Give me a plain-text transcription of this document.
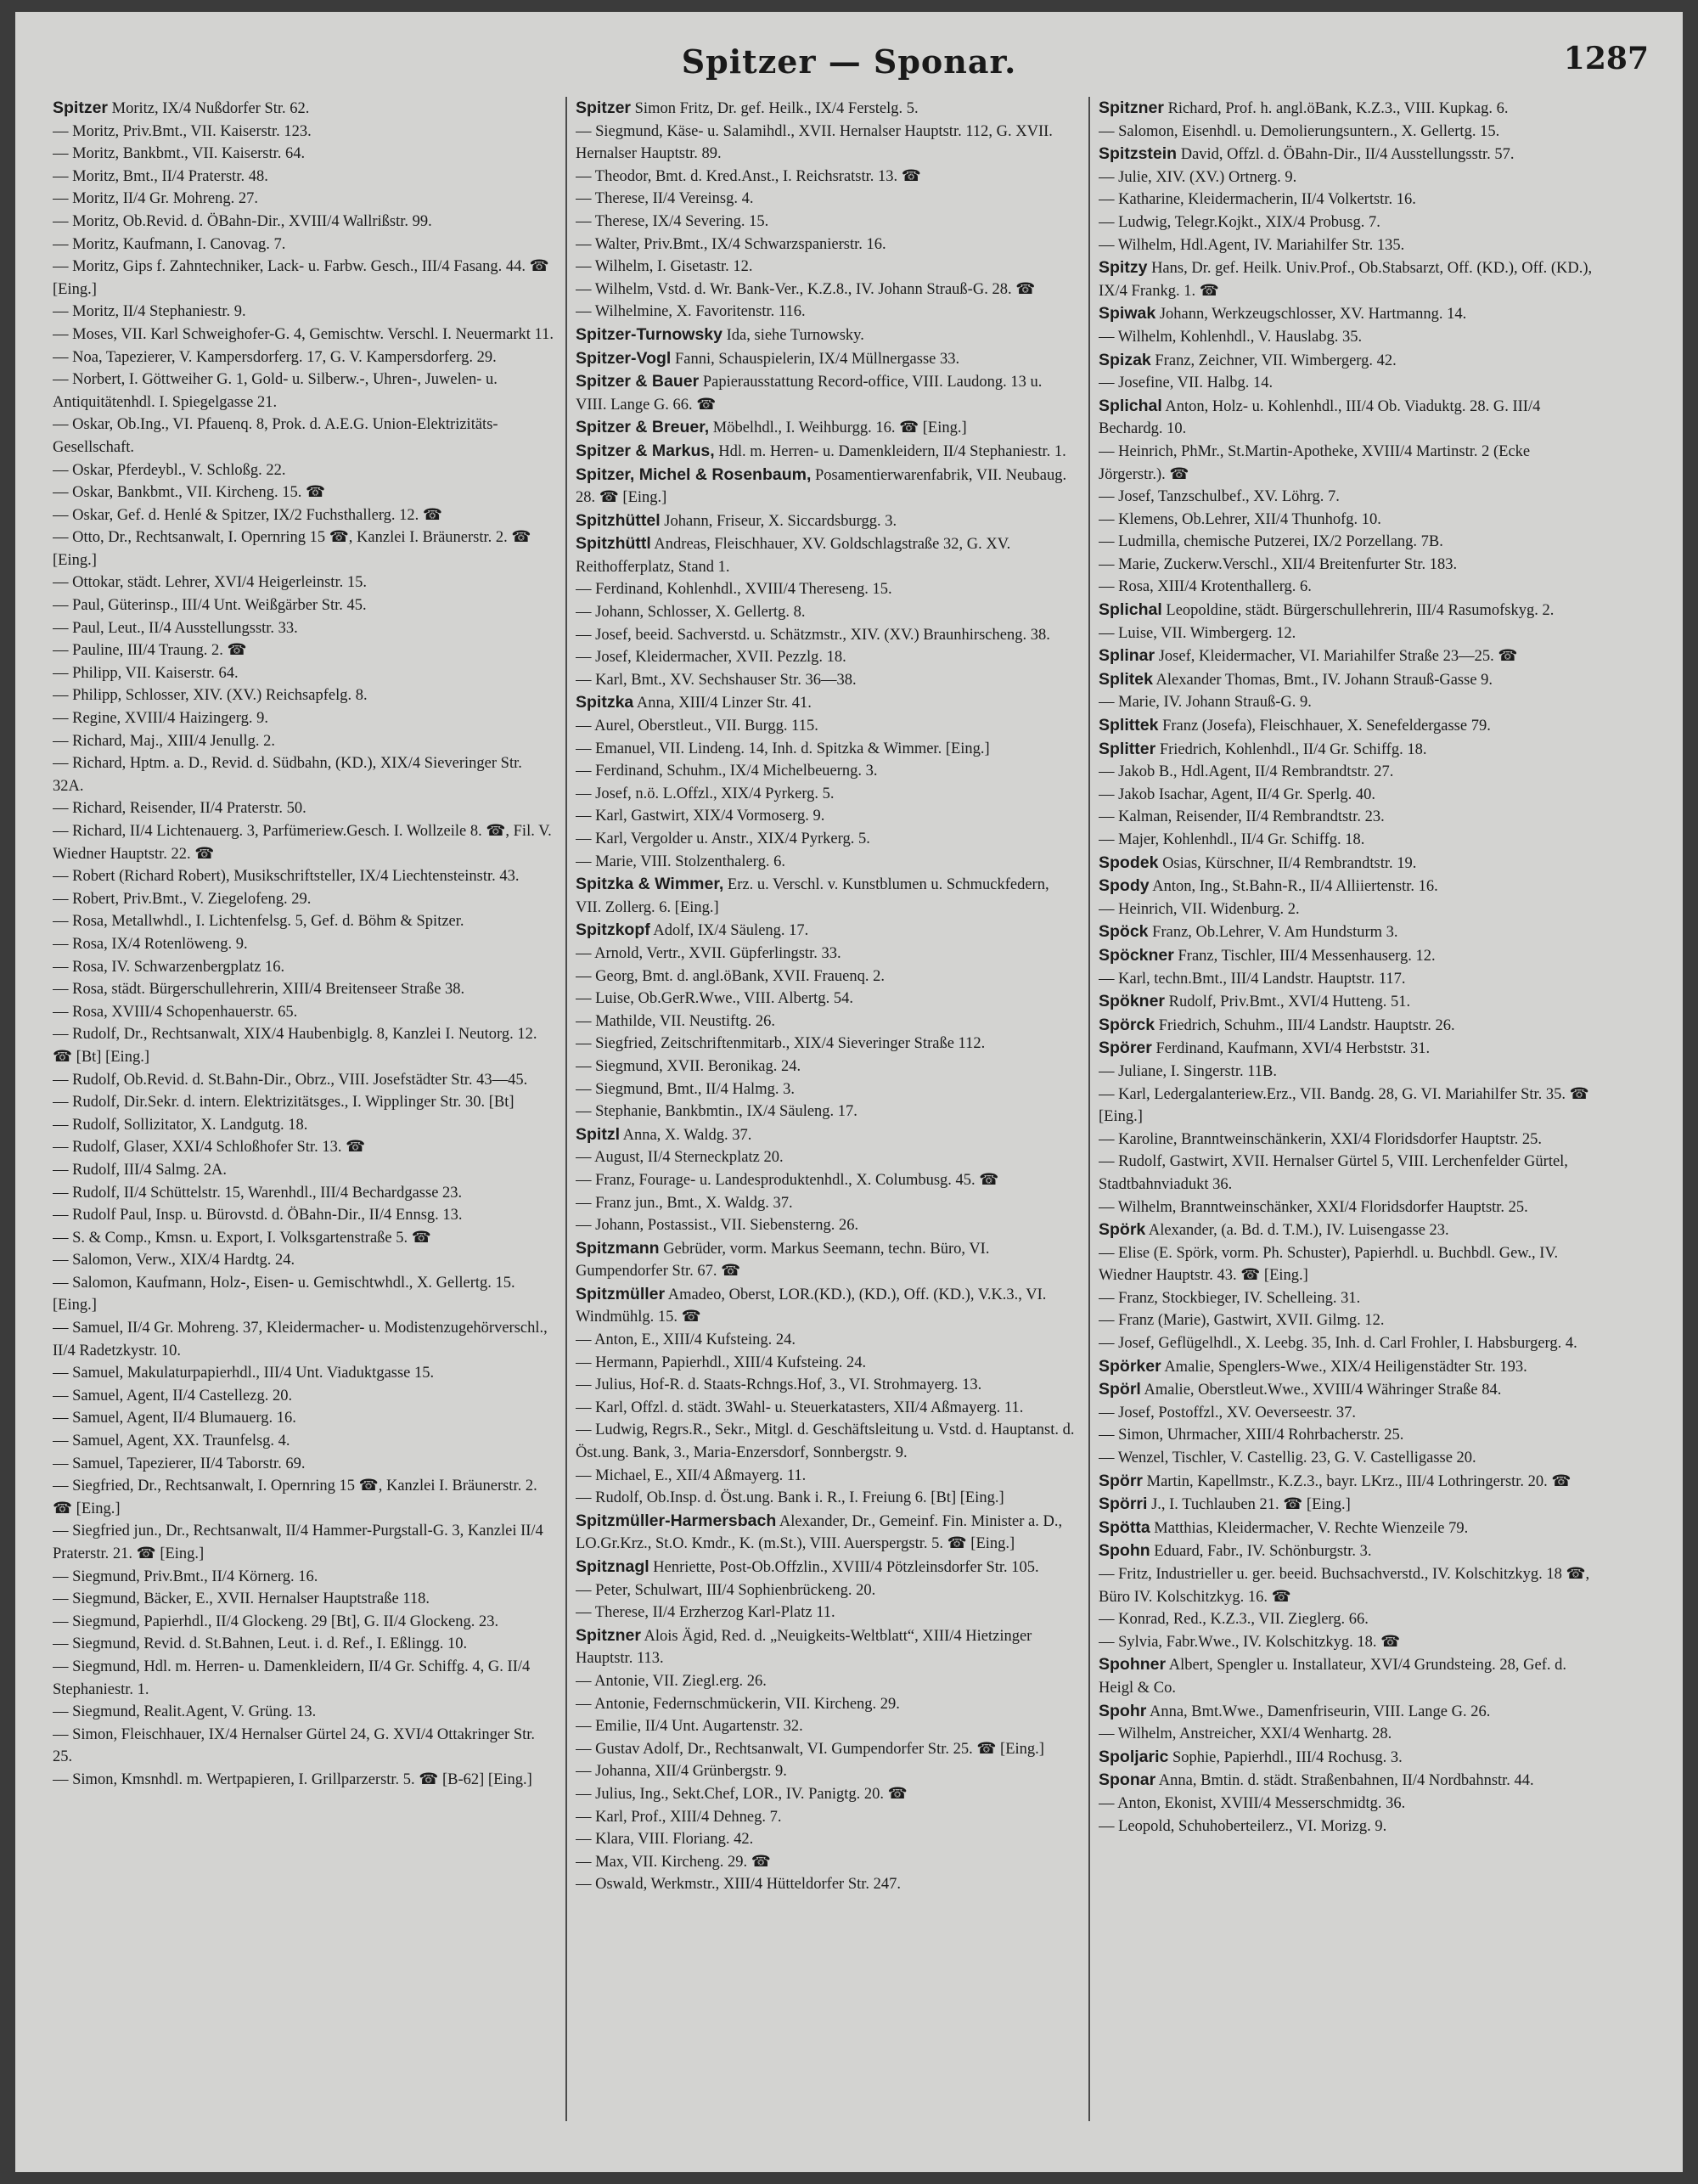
Spitzer — Sponar.	1287

Spitzer Moritz, IX/4 Nußdorfer Str. 62.

— Moritz, Priv.Bmt., VII. Kaiserstr. 123.

— Moritz, Bankbmt., VII. Kaiserstr. 64.

— Moritz, Bmt., II/4 Praterstr. 48.

— Moritz, II/4 Gr. Mohreng. 27.

— Moritz, Ob.Revid. d. ÖBahn-Dir., XVIII/4 Wallrißstr. 99.

— Moritz, Kaufmann, I. Canovag. 7.

— Moritz, Gips f. Zahntechniker, Lack- u. Farbw. Gesch., III/4 Fasang. 44. ☎ [Eing.]

— Moritz, II/4 Stephaniestr. 9.

— Moses, VII. Karl Schweighofer-G. 4, Gemischtw. Verschl. I. Neuermarkt 11.

— Noa, Tapezierer, V. Kampersdorferg. 17, G. V. Kampersdorferg. 29.

— Norbert, I. Göttweiher G. 1, Gold- u. Silberw.-, Uhren-, Juwelen- u. Antiquitätenhdl. I. Spiegelgasse 21.

— Oskar, Ob.Ing., VI. Pfauenq. 8, Prok. d. A.E.G. Union-Elektrizitäts-Gesellschaft.

— Oskar, Pferdeybl., V. Schloßg. 22.

— Oskar, Bankbmt., VII. Kircheng. 15. ☎

— Oskar, Gef. d. Henlé & Spitzer, IX/2 Fuchsthallerg. 12. ☎

— Otto, Dr., Rechtsanwalt, I. Opernring 15 ☎, Kanzlei I. Bräunerstr. 2. ☎ [Eing.]

— Ottokar, städt. Lehrer, XVI/4 Heigerleinstr. 15.

— Paul, Güterinsp., III/4 Unt. Weißgärber Str. 45.

— Paul, Leut., II/4 Ausstellungsstr. 33.

— Pauline, III/4 Traung. 2. ☎

— Philipp, VII. Kaiserstr. 64.

— Philipp, Schlosser, XIV. (XV.) Reichsapfelg. 8.

— Regine, XVIII/4 Haizingerg. 9.

— Richard, Maj., XIII/4 Jenullg. 2.

— Richard, Hptm. a. D., Revid. d. Südbahn, (KD.), XIX/4 Sieveringer Str. 32A.

— Richard, Reisender, II/4 Praterstr. 50.

— Richard, II/4 Lichtenauerg. 3, Parfümeriew.Gesch. I. Wollzeile 8. ☎, Fil. V. Wiedner Hauptstr. 22. ☎

— Robert (Richard Robert), Musikschriftsteller, IX/4 Liechtensteinstr. 43.

— Robert, Priv.Bmt., V. Ziegelofeng. 29.

— Rosa, Metallwhdl., I. Lichtenfelsg. 5, Gef. d. Böhm & Spitzer.

— Rosa, IX/4 Rotenlöweng. 9.

— Rosa, IV. Schwarzenbergplatz 16.

— Rosa, städt. Bürgerschullehrerin, XIII/4 Breitenseer Straße 38.

— Rosa, XVIII/4 Schopenhauerstr. 65.

— Rudolf, Dr., Rechtsanwalt, XIX/4 Haubenbiglg. 8, Kanzlei I. Neutorg. 12. ☎ [Bt] [Eing.]

— Rudolf, Ob.Revid. d. St.Bahn-Dir., Obrz., VIII. Josefstädter Str. 43—45.

— Rudolf, Dir.Sekr. d. intern. Elektrizitätsges., I. Wipplinger Str. 30. [Bt]

— Rudolf, Sollizitator, X. Landgutg. 18.

— Rudolf, Glaser, XXI/4 Schloßhofer Str. 13. ☎

— Rudolf, III/4 Salmg. 2A.

— Rudolf, II/4 Schüttelstr. 15, Warenhdl., III/4 Bechardgasse 23.

— Rudolf Paul, Insp. u. Bürovstd. d. ÖBahn-Dir., II/4 Ennsg. 13.

— S. & Comp., Kmsn. u. Export, I. Volksgartenstraße 5. ☎

— Salomon, Verw., XIX/4 Hardtg. 24.

— Salomon, Kaufmann, Holz-, Eisen- u. Gemischtwhdl., X. Gellertg. 15. [Eing.]

— Samuel, II/4 Gr. Mohreng. 37, Kleidermacher- u. Modistenzugehörverschl., II/4 Radetzkystr. 10.

— Samuel, Makulaturpapierhdl., III/4 Unt. Viaduktgasse 15.

— Samuel, Agent, II/4 Castellezg. 20.

— Samuel, Agent, II/4 Blumauerg. 16.

— Samuel, Agent, XX. Traunfelsg. 4.

— Samuel, Tapezierer, II/4 Taborstr. 69.

— Siegfried, Dr., Rechtsanwalt, I. Opernring 15 ☎, Kanzlei I. Bräunerstr. 2. ☎ [Eing.]

— Siegfried jun., Dr., Rechtsanwalt, II/4 Hammer-Purgstall-G. 3, Kanzlei II/4 Praterstr. 21. ☎ [Eing.]

— Siegmund, Priv.Bmt., II/4 Körnerg. 16.

— Siegmund, Bäcker, E., XVII. Hernalser Hauptstraße 118.

— Siegmund, Papierhdl., II/4 Glockeng. 29 [Bt], G. II/4 Glockeng. 23.

— Siegmund, Revid. d. St.Bahnen, Leut. i. d. Ref., I. Eßlingg. 10.

— Siegmund, Hdl. m. Herren- u. Damenkleidern, II/4 Gr. Schiffg. 4, G. II/4 Stephaniestr. 1.

— Siegmund, Realit.Agent, V. Grüng. 13.

— Simon, Fleischhauer, IX/4 Hernalser Gürtel 24, G. XVI/4 Ottakringer Str. 25.

— Simon, Kmsnhdl. m. Wertpapieren, I. Grillparzerstr. 5. ☎ [B-62] [Eing.]

Spitzer Simon Fritz, Dr. gef. Heilk., IX/4 Ferstelg. 5.

— Siegmund, Käse- u. Salamihdl., XVII. Hernalser Hauptstr. 112, G. XVII. Hernalser Hauptstr. 89.

— Theodor, Bmt. d. Kred.Anst., I. Reichsratstr. 13. ☎

— Therese, II/4 Vereinsg. 4.

— Therese, IX/4 Severing. 15.

— Walter, Priv.Bmt., IX/4 Schwarzspanierstr. 16.

— Wilhelm, I. Gisetastr. 12.

— Wilhelm, Vstd. d. Wr. Bank-Ver., K.Z.8., IV. Johann Strauß-G. 28. ☎

— Wilhelmine, X. Favoritenstr. 116.

Spitzer-Turnowsky Ida, siehe Turnowsky.

Spitzer-Vogl Fanni, Schauspielerin, IX/4 Müllnergasse 33.

Spitzer & Bauer Papierausstattung Record-office, VIII. Laudong. 13 u. VIII. Lange G. 66. ☎

Spitzer & Breuer, Möbelhdl., I. Weihburgg. 16. ☎ [Eing.]

Spitzer & Markus, Hdl. m. Herren- u. Damenkleidern, II/4 Stephaniestr. 1.

Spitzer, Michel & Rosenbaum, Posamentierwarenfabrik, VII. Neubaug. 28. ☎ [Eing.]

Spitzhüttel Johann, Friseur, X. Siccardsburgg. 3.

Spitzhüttl Andreas, Fleischhauer, XV. Goldschlagstraße 32, G. XV. Reithofferplatz, Stand 1.

— Ferdinand, Kohlenhdl., XVIII/4 Thereseng. 15.

— Johann, Schlosser, X. Gellertg. 8.

— Josef, beeid. Sachverstd. u. Schätzmstr., XIV. (XV.) Braunhirscheng. 38.

— Josef, Kleidermacher, XVII. Pezzlg. 18.

— Karl, Bmt., XV. Sechshauser Str. 36—38.

Spitzka Anna, XIII/4 Linzer Str. 41.

— Aurel, Oberstleut., VII. Burgg. 115.

— Emanuel, VII. Lindeng. 14, Inh. d. Spitzka & Wimmer. [Eing.]

— Ferdinand, Schuhm., IX/4 Michelbeuerng. 3.

— Josef, n.ö. L.Offzl., XIX/4 Pyrkerg. 5.

— Karl, Gastwirt, XIX/4 Vormoserg. 9.

— Karl, Vergolder u. Anstr., XIX/4 Pyrkerg. 5.

— Marie, VIII. Stolzenthalerg. 6.

Spitzka & Wimmer, Erz. u. Verschl. v. Kunstblumen u. Schmuckfedern, VII. Zollerg. 6. [Eing.]

Spitzkopf Adolf, IX/4 Säuleng. 17.

— Arnold, Vertr., XVII. Güpferlingstr. 33.

— Georg, Bmt. d. angl.öBank, XVII. Frauenq. 2.

— Luise, Ob.GerR.Wwe., VIII. Albertg. 54.

— Mathilde, VII. Neustiftg. 26.

— Siegfried, Zeitschriftenmitarb., XIX/4 Sieveringer Straße 112.

— Siegmund, XVII. Beronikag. 24.

— Siegmund, Bmt., II/4 Halmg. 3.

— Stephanie, Bankbmtin., IX/4 Säuleng. 17.

Spitzl Anna, X. Waldg. 37.

— August, II/4 Sterneckplatz 20.

— Franz, Fourage- u. Landesproduktenhdl., X. Columbusg. 45. ☎

— Franz jun., Bmt., X. Waldg. 37.

— Johann, Postassist., VII. Siebensterng. 26.

Spitzmann Gebrüder, vorm. Markus Seemann, techn. Büro, VI. Gumpendorfer Str. 67. ☎

Spitzmüller Amadeo, Oberst, LOR.(KD.), (KD.), Off. (KD.), V.K.3., VI. Windmühlg. 15. ☎

— Anton, E., XIII/4 Kufsteing. 24.

— Hermann, Papierhdl., XIII/4 Kufsteing. 24.

— Julius, Hof-R. d. Staats-Rchngs.Hof, 3., VI. Strohmayerg. 13.

— Karl, Offzl. d. städt. 3Wahl- u. Steuerkatasters, XII/4 Aßmayerg. 11.

— Ludwig, Regrs.R., Sekr., Mitgl. d. Geschäftsleitung u. Vstd. d. Hauptanst. d. Öst.ung. Bank, 3., Maria-Enzersdorf, Sonnbergstr. 9.

— Michael, E., XII/4 Aßmayerg. 11.

— Rudolf, Ob.Insp. d. Öst.ung. Bank i. R., I. Freiung 6. [Bt] [Eing.]

Spitzmüller-Harmersbach Alexander, Dr., Gemeinf. Fin. Minister a. D., LO.Gr.Krz., St.O. Kmdr., K. (m.St.), VIII. Auerspergstr. 5. ☎ [Eing.]

Spitznagl Henriette, Post-Ob.Offzlin., XVIII/4 Pötzleinsdorfer Str. 105.

— Peter, Schulwart, III/4 Sophienbrückeng. 20.

— Therese, II/4 Erzherzog Karl-Platz 11.

Spitzner Alois Ägid, Red. d. „Neuigkeits-Weltblatt“, XIII/4 Hietzinger Hauptstr. 113.

— Antonie, VII. Ziegl.erg. 26.

— Antonie, Federnschmückerin, VII. Kircheng. 29.

— Emilie, II/4 Unt. Augartenstr. 32.

— Gustav Adolf, Dr., Rechtsanwalt, VI. Gumpendorfer Str. 25. ☎ [Eing.]

— Johanna, XII/4 Grünbergstr. 9.

— Julius, Ing., Sekt.Chef, LOR., IV. Panigtg. 20. ☎

— Karl, Prof., XIII/4 Dehneg. 7.

— Klara, VIII. Floriang. 42.

— Max, VII. Kircheng. 29. ☎

— Oswald, Werkmstr., XIII/4 Hütteldorfer Str. 247.

Spitzner Richard, Prof. h. angl.öBank, K.Z.3., VIII. Kupkag. 6.

— Salomon, Eisenhdl. u. Demolierungsuntern., X. Gellertg. 15.

Spitzstein David, Offzl. d. ÖBahn-Dir., II/4 Ausstellungsstr. 57.

— Julie, XIV. (XV.) Ortnerg. 9.

— Katharine, Kleidermacherin, II/4 Volkertstr. 16.

— Ludwig, Telegr.Kojkt., XIX/4 Probusg. 7.

— Wilhelm, Hdl.Agent, IV. Mariahilfer Str. 135.

Spitzy Hans, Dr. gef. Heilk. Univ.Prof., Ob.Stabsarzt, Off. (KD.), Off. (KD.), IX/4 Frankg. 1. ☎

Spiwak Johann, Werkzeugschlosser, XV. Hartmanng. 14.

— Wilhelm, Kohlenhdl., V. Hauslabg. 35.

Spizak Franz, Zeichner, VII. Wimbergerg. 42.

— Josefine, VII. Halbg. 14.

Splichal Anton, Holz- u. Kohlenhdl., III/4 Ob. Viaduktg. 28. G. III/4 Bechardg. 10.

— Heinrich, PhMr., St.Martin-Apotheke, XVIII/4 Martinstr. 2 (Ecke Jörgerstr.). ☎

— Josef, Tanzschulbef., XV. Löhrg. 7.

— Klemens, Ob.Lehrer, XII/4 Thunhofg. 10.

— Ludmilla, chemische Putzerei, IX/2 Porzellang. 7B.

— Marie, Zuckerw.Verschl., XII/4 Breitenfurter Str. 183.

— Rosa, XIII/4 Krotenthallerg. 6.

Splichal Leopoldine, städt. Bürgerschullehrerin, III/4 Rasumofskyg. 2.

— Luise, VII. Wimbergerg. 12.

Splinar Josef, Kleidermacher, VI. Mariahilfer Straße 23—25. ☎

Splitek Alexander Thomas, Bmt., IV. Johann Strauß-Gasse 9.

— Marie, IV. Johann Strauß-G. 9.

Splittek Franz (Josefa), Fleischhauer, X. Senefeldergasse 79.

Splitter Friedrich, Kohlenhdl., II/4 Gr. Schiffg. 18.

— Jakob B., Hdl.Agent, II/4 Rembrandtstr. 27.

— Jakob Isachar, Agent, II/4 Gr. Sperlg. 40.

— Kalman, Reisender, II/4 Rembrandtstr. 23.

— Majer, Kohlenhdl., II/4 Gr. Schiffg. 18.

Spodek Osias, Kürschner, II/4 Rembrandtstr. 19.

Spody Anton, Ing., St.Bahn-R., II/4 Alliiertenstr. 16.

— Heinrich, VII. Widenburg. 2.

Spöck Franz, Ob.Lehrer, V. Am Hundsturm 3.

Spöckner Franz, Tischler, III/4 Messenhauserg. 12.

— Karl, techn.Bmt., III/4 Landstr. Hauptstr. 117.

Spökner Rudolf, Priv.Bmt., XVI/4 Hutteng. 51.

Spörck Friedrich, Schuhm., III/4 Landstr. Hauptstr. 26.

Spörer Ferdinand, Kaufmann, XVI/4 Herbststr. 31.

— Juliane, I. Singerstr. 11B.

— Karl, Ledergalanteriew.Erz., VII. Bandg. 28, G. VI. Mariahilfer Str. 35. ☎ [Eing.]

— Karoline, Branntweinschänkerin, XXI/4 Floridsdorfer Hauptstr. 25.

— Rudolf, Gastwirt, XVII. Hernalser Gürtel 5, VIII. Lerchenfelder Gürtel, Stadtbahnviadukt 36.

— Wilhelm, Branntweinschänker, XXI/4 Floridsdorfer Hauptstr. 25.

Spörk Alexander, (a. Bd. d. T.M.), IV. Luisengasse 23.

— Elise (E. Spörk, vorm. Ph. Schuster), Papierhdl. u. Buchbdl. Gew., IV. Wiedner Hauptstr. 43. ☎ [Eing.]

— Franz, Stockbieger, IV. Schelleing. 31.

— Franz (Marie), Gastwirt, XVII. Gilmg. 12.

— Josef, Geflügelhdl., X. Leebg. 35, Inh. d. Carl Frohler, I. Habsburgerg. 4.

Spörker Amalie, Spenglers-Wwe., XIX/4 Heiligenstädter Str. 193.

Spörl Amalie, Oberstleut.Wwe., XVIII/4 Währinger Straße 84.

— Josef, Postoffzl., XV. Oeverseestr. 37.

— Simon, Uhrmacher, XIII/4 Rohrbacherstr. 25.

— Wenzel, Tischler, V. Castellig. 23, G. V. Castelligasse 20.

Spörr Martin, Kapellmstr., K.Z.3., bayr. LKrz., III/4 Lothringerstr. 20. ☎

Spörri J., I. Tuchlauben 21. ☎ [Eing.]

Spötta Matthias, Kleidermacher, V. Rechte Wienzeile 79.

Spohn Eduard, Fabr., IV. Schönburgstr. 3.

— Fritz, Industrieller u. ger. beeid. Buchsachverstd., IV. Kolschitzkyg. 18 ☎, Büro IV. Kolschitzkyg. 16. ☎

— Konrad, Red., K.Z.3., VII. Zieglerg. 66.

— Sylvia, Fabr.Wwe., IV. Kolschitzkyg. 18. ☎

Spohner Albert, Spengler u. Installateur, XVI/4 Grundsteing. 28, Gef. d. Heigl & Co.

Spohr Anna, Bmt.Wwe., Damenfriseurin, VIII. Lange G. 26.

— Wilhelm, Anstreicher, XXI/4 Wenhartg. 28.

Spoljaric Sophie, Papierhdl., III/4 Rochusg. 3.

Sponar Anna, Bmtin. d. städt. Straßenbahnen, II/4 Nordbahnstr. 44.

— Anton, Ekonist, XVIII/4 Messerschmidtg. 36.

— Leopold, Schuhoberteilerz., VI. Morizg. 9.
